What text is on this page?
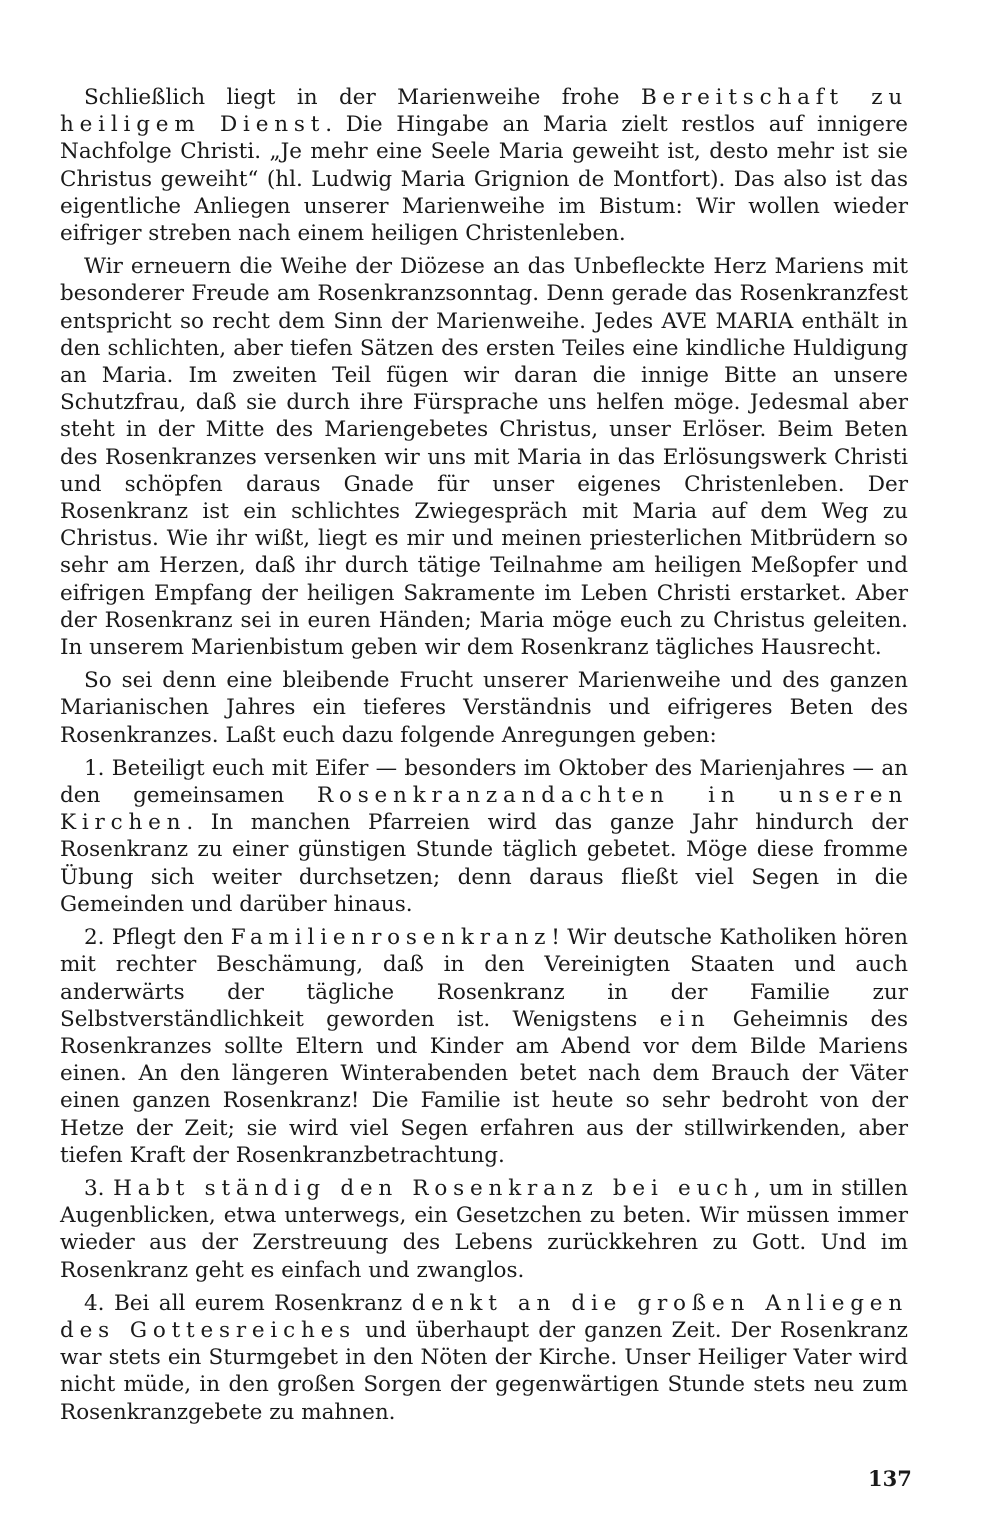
Schließlich liegt in der Marienweihe frohe Bereitschaft zu heiligem Dienst. Die Hingabe an Maria zielt restlos auf innigere Nachfolge Christi. „Je mehr eine Seele Maria geweiht ist, desto mehr ist sie Christus geweiht“ (hl. Ludwig Maria Grignion de Montfort). Das also ist das eigentliche Anliegen unserer Marienweihe im Bistum: Wir wollen wieder eifriger streben nach einem heiligen Christenleben.

Wir erneuern die Weihe der Diözese an das Unbefleckte Herz Mariens mit besonderer Freude am Rosenkranzsonntag. Denn gerade das Rosenkranzfest entspricht so recht dem Sinn der Marienweihe. Jedes AVE MARIA enthält in den schlichten, aber tiefen Sätzen des ersten Teiles eine kindliche Huldigung an Maria. Im zweiten Teil fügen wir daran die innige Bitte an unsere Schutzfrau, daß sie durch ihre Fürsprache uns helfen möge. Jedesmal aber steht in der Mitte des Mariengebetes Christus, unser Erlöser. Beim Beten des Rosenkranzes versenken wir uns mit Maria in das Erlösungswerk Christi und schöpfen daraus Gnade für unser eigenes Christenleben. Der Rosenkranz ist ein schlichtes Zwiegespräch mit Maria auf dem Weg zu Christus. Wie ihr wißt, liegt es mir und meinen priesterlichen Mitbrüdern so sehr am Herzen, daß ihr durch tätige Teilnahme am heiligen Meßopfer und eifrigen Empfang der heiligen Sakramente im Leben Christi erstarket. Aber der Rosenkranz sei in euren Händen; Maria möge euch zu Christus geleiten. In unserem Marienbistum geben wir dem Rosenkranz tägliches Hausrecht.

So sei denn eine bleibende Frucht unserer Marienweihe und des ganzen Marianischen Jahres ein tieferes Verständnis und eifrigeres Beten des Rosenkranzes. Laßt euch dazu folgende Anregungen geben:

1. Beteiligt euch mit Eifer — besonders im Oktober des Marienjahres — an den gemeinsamen Rosenkranzandachten in unseren Kirchen. In manchen Pfarreien wird das ganze Jahr hindurch der Rosenkranz zu einer günstigen Stunde täglich gebetet. Möge diese fromme Übung sich weiter durchsetzen; denn daraus fließt viel Segen in die Gemeinden und darüber hinaus.

2. Pflegt den Familienrosenkranz! Wir deutsche Katholiken hören mit rechter Beschämung, daß in den Vereinigten Staaten und auch anderwärts der tägliche Rosenkranz in der Familie zur Selbstverständlichkeit geworden ist. Wenigstens ein Geheimnis des Rosenkranzes sollte Eltern und Kinder am Abend vor dem Bilde Mariens einen. An den längeren Winterabenden betet nach dem Brauch der Väter einen ganzen Rosenkranz! Die Familie ist heute so sehr bedroht von der Hetze der Zeit; sie wird viel Segen erfahren aus der stillwirkenden, aber tiefen Kraft der Rosenkranzbetrachtung.

3. Habt ständig den Rosenkranz bei euch, um in stillen Augenblicken, etwa unterwegs, ein Gesetzchen zu beten. Wir müssen immer wieder aus der Zerstreuung des Lebens zurückkehren zu Gott. Und im Rosenkranz geht es einfach und zwanglos.

4. Bei all eurem Rosenkranz denkt an die großen Anliegen des Gottesreiches und überhaupt der ganzen Zeit. Der Rosenkranz war stets ein Sturmgebet in den Nöten der Kirche. Unser Heiliger Vater wird nicht müde, in den großen Sorgen der gegenwärtigen Stunde stets neu zum Rosenkranzgebete zu mahnen.

137
